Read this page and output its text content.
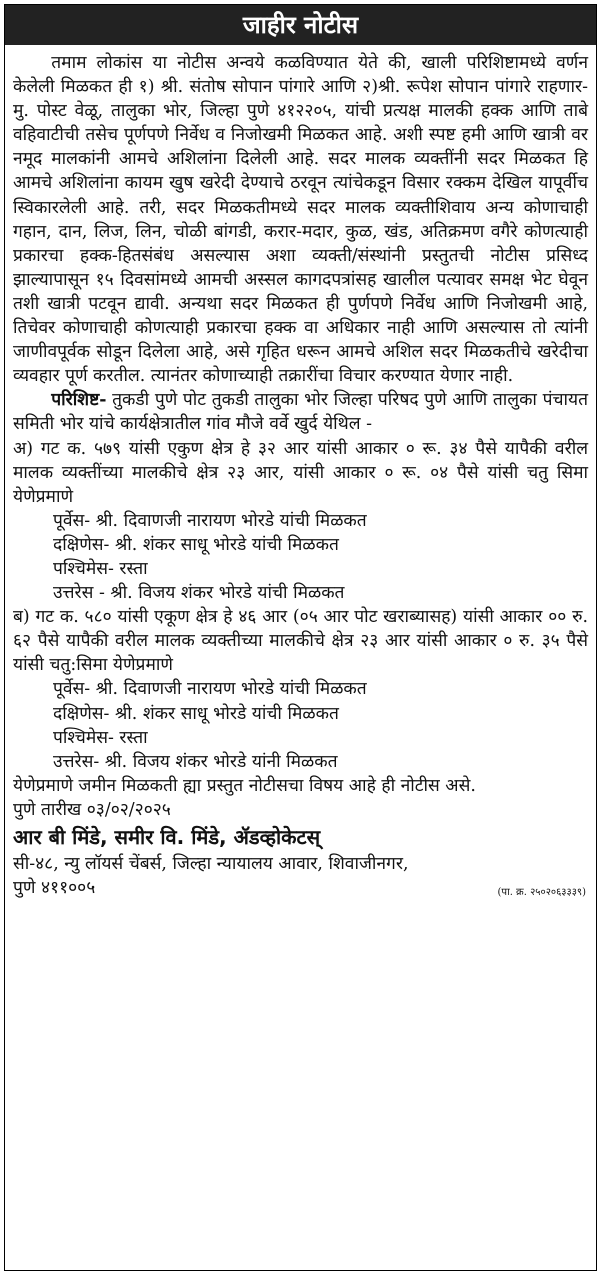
जाहीर नोटीस

तमाम लोकांस या नोटीस अन्वये कळविण्यात येते की, खाली परिशिष्टामध्ये वर्णन केलेली मिळकत ही १) श्री. संतोष सोपान पांगारे आणि २)श्री. रूपेश सोपान पांगारे राहणार- मु. पोस्ट वेळू, तालुका भोर, जिल्हा पुणे ४१२२०५, यांची प्रत्यक्ष मालकी हक्क आणि ताबे वहिवाटीची तसेच पूर्णपणे निर्वेध व निजोखमी मिळकत आहे. अशी स्पष्ट हमी आणि खात्री वर नमूद मालकांनी आमचे अशिलांना दिलेली आहे. सदर मालक व्यक्तींनी सदर मिळकत हि आमचे अशिलांना कायम खुष खरेदी देण्याचे ठरवून त्यांचेकडून विसार रक्कम देखिल यापूर्वीच स्विकारलेली आहे. तरी, सदर मिळकतीमध्ये सदर मालक व्यक्तीशिवाय अन्य कोणाचाही गहान, दान, लिज, लिन, चोळी बांगडी, करार-मदार, कुळ, खंड, अतिक्रमण वगैरे कोणत्याही प्रकारचा हक्क-हितसंबंध असल्यास अशा व्यक्ती/संस्थांनी प्रस्तुतची नोटीस प्रसिध्द झाल्यापासून १५ दिवसांमध्ये आमची अस्सल कागदपत्रांसह खालील पत्यावर समक्ष भेट घेवून तशी खात्री पटवून द्यावी. अन्यथा सदर मिळकत ही पुर्णपणे निर्वेध आणि निजोखमी आहे, तिचेवर कोणाचाही कोणत्याही प्रकारचा हक्क वा अधिकार नाही आणि असल्यास तो त्यांनी जाणीवपूर्वक सोडून दिलेला आहे, असे गृहित धरून आमचे अशिल सदर मिळकतीचे खरेदीचा व्यवहार पूर्ण करतील. त्यानंतर कोणाच्याही तक्रारींचा विचार करण्यात येणार नाही.

परिशिष्ट- तुकडी पुणे पोट तुकडी तालुका भोर जिल्हा परिषद पुणे आणि तालुका पंचायत समिती भोर यांचे कार्यक्षेत्रातील गांव मौजे वर्वे खुर्द येथिल -

अ) गट क. ५७९ यांसी एकुण क्षेत्र हे ३२ आर यांसी आकार ० रू. ३४ पैसे यापैकी वरील मालक व्यक्तींच्या मालकीचे क्षेत्र २३ आर, यांसी आकार ० रू. ०४ पैसे यांसी चतु सिमा येणेप्रमाणे

पूर्वेस- श्री. दिवाणजी नारायण भोरडे यांची मिळकत

दक्षिणेस- श्री. शंकर साधू भोरडे यांची मिळकत

पश्चिमेस- रस्ता

उत्तरेस - श्री. विजय शंकर भोरडे यांची मिळकत

ब) गट क. ५८० यांसी एकूण क्षेत्र हे ४६ आर (०५ आर पोट खराब्यासह) यांसी आकार ०० रु. ६२ पैसे यापैकी वरील मालक व्यक्तीच्या मालकीचे क्षेत्र २३ आर यांसी आकार ० रु. ३५ पैसे यांसी चतु:सिमा येणेप्रमाणे

पूर्वेस- श्री. दिवाणजी नारायण भोरडे यांची मिळकत

दक्षिणेस- श्री. शंकर साधू भोरडे यांची मिळकत

पश्चिमेस- रस्ता

उत्तरेस- श्री. विजय शंकर भोरडे यांनी मिळकत

येणेप्रमाणे जमीन मिळकती ह्या प्रस्तुत नोटीसचा विषय आहे ही नोटीस असे.

पुणे तारीख ०३/०२/२०२५

आर बी मिंडे, समीर वि. मिंडे, ॲडव्होकेटस्

सी-४८, न्यु लॉयर्स चेंबर्स, जिल्हा न्यायालय आवार, शिवाजीनगर,

पुणे ४११००५	(पा. क्र. २५०२०६३३३९)
